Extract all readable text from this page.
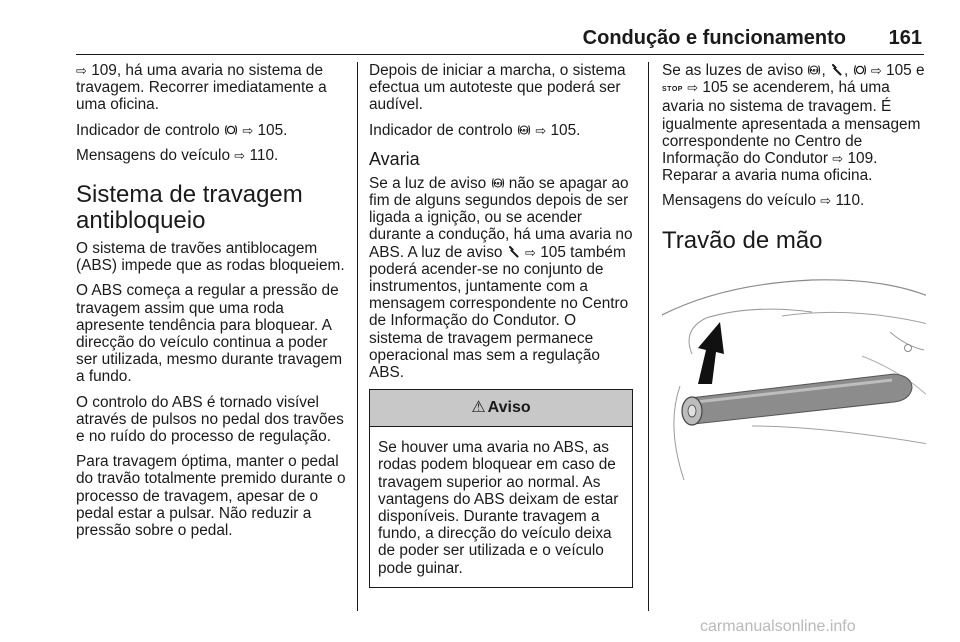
Condução e funcionamento 161

⇨ 109, há uma avaria no sistema de travagem. Recorrer imediatamente a uma oficina.

Indicador de controlo ⇨ 105.

Mensagens do veículo ⇨ 110.

Sistema de travagem antibloqueio

O sistema de travões antiblocagem (ABS) impede que as rodas bloqueiem.

O ABS começa a regular a pressão de travagem assim que uma roda apresente tendência para bloquear. A direcção do veículo continua a poder ser utilizada, mesmo durante travagem a fundo.

O controlo do ABS é tornado visível através de pulsos no pedal dos travões e no ruído do processo de regulação.

Para travagem óptima, manter o pedal do travão totalmente premido durante o processo de travagem, apesar de o pedal estar a pulsar. Não reduzir a pressão sobre o pedal.

Depois de iniciar a marcha, o sistema efectua um autoteste que poderá ser audível.

Indicador de controlo ABS ⇨ 105.

Avaria

Se a luz de aviso ABS não se apagar ao fim de alguns segundos depois de ser ligada a ignição, ou se acender durante a condução, há uma avaria no ABS. A luz de aviso ⇨ 105 também poderá acender-se no conjunto de instrumentos, juntamente com a mensagem correspondente no Centro de Informação do Condutor. O sistema de travagem permanece operacional mas sem a regulação ABS.

⚠ Aviso
Se houver uma avaria no ABS, as rodas podem bloquear em caso de travagem superior ao normal. As vantagens do ABS deixam de estar disponíveis. Durante travagem a fundo, a direcção do veículo deixa de poder ser utilizada e o veículo pode guinar.

Se as luzes de aviso ABS , ,  ⇨ 105 e STOP ⇨ 105 se acenderem, há uma avaria no sistema de travagem. É igualmente apresentada a mensagem correspondente no Centro de Informação do Condutor ⇨ 109. Reparar a avaria numa oficina.

Mensagens do veículo ⇨ 110.

Travão de mão
carmanualsonline.info
